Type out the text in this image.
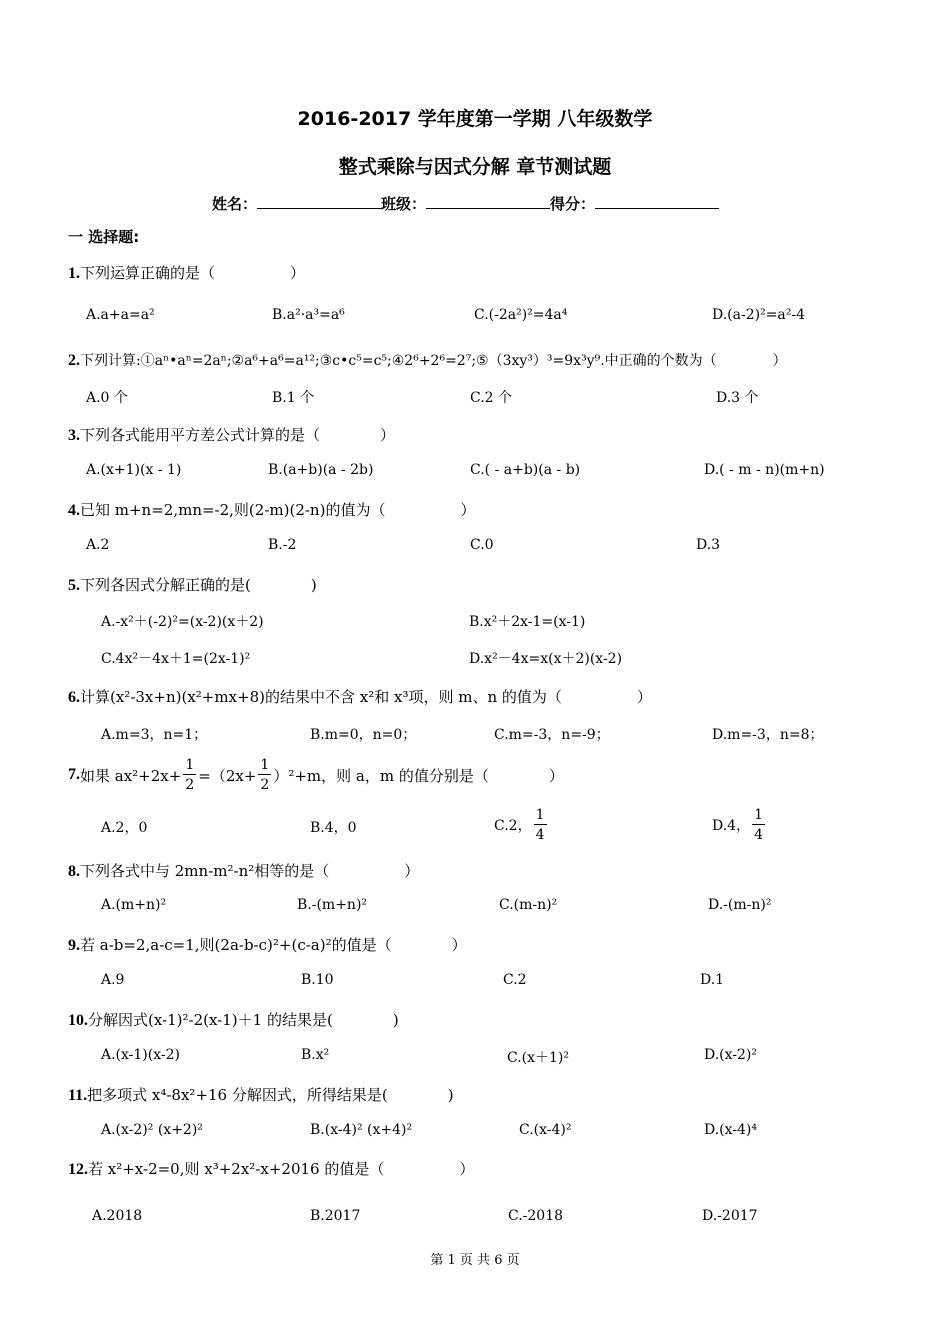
2016-2017 学年度第一学期 八年级数学
整式乘除与因式分解 章节测试题
姓名：	班级：	得分：
一 选择题:
1.下列运算正确的是（　　　　　）
A.a+a=a²	B.a²·a³=a⁶	C.(-2a²)²=4a⁴	D.(a-2)²=a²-4
2.下列计算:①aⁿ•aⁿ=2aⁿ;②a⁶+a⁶=a¹²;③c•c⁵=c⁵;④2⁶+2⁶=2⁷;⑤（3xy³）³=9x³y⁹.中正确的个数为（　　　　）
A.0 个	B.1 个	C.2 个	D.3 个
3.下列各式能用平方差公式计算的是（　　　　）
A.(x+1)(x - 1)	B.(a+b)(a - 2b)	C.( - a+b)(a - b)	D.( - m - n)(m+n)
4.已知 m+n=2,mn=-2,则(2-m)(2-n)的值为（　　　　　）
A.2	B.-2	C.0	D.3
5.下列各因式分解正确的是(　　　　)
A.-x²＋(-2)²=(x-2)(x＋2)	B.x²＋2x-1=(x-1)
C.4x²－4x＋1=(2x-1)²	D.x²－4x=x(x＋2)(x-2)
6.计算(x²-3x+n)(x²+mx+8)的结果中不含 x²和 x³项，则 m、n 的值为（　　　　　）
A.m=3，n=1；	B.m=0，n=0；	C.m=-3，n=-9；	D.m=-3，n=8；
7. 如果 $ax^2+2x+ \frac{1}{2} =(2x+ \frac{1}{2} )^2+m$，则 a，m 的值分别是（　　　　）
A.2，0	B.4，0	C.2， $\frac{1}{4}$	D.4， $\frac{1}{4}$
8.下列各式中与 2mn-m²-n²相等的是（　　　　　）
A.(m+n)²	B.-(m+n)²	C.(m-n)²	D.-(m-n)²
9.若 a-b=2,a-c=1,则(2a-b-c)²+(c-a)²的值是（　　　　）
A.9	B.10	C.2	D.1
10.分解因式(x-1)²-2(x-1)＋1 的结果是(　　　　)
A.(x-1)(x-2)	B.x²	C.(x＋1)²	D.(x-2)²
11.把多项式 x⁴-8x²+16 分解因式，所得结果是(　　　　)
A.(x-2)² (x+2)²	B.(x-4)² (x+4)²	C.(x-4)²	D.(x-4)⁴
12.若 x²+x-2=0,则 x³+2x²-x+2016 的值是（　　　　　）
A.2018	B.2017	C.-2018	D.-2017
第 1 页 共 6 页
